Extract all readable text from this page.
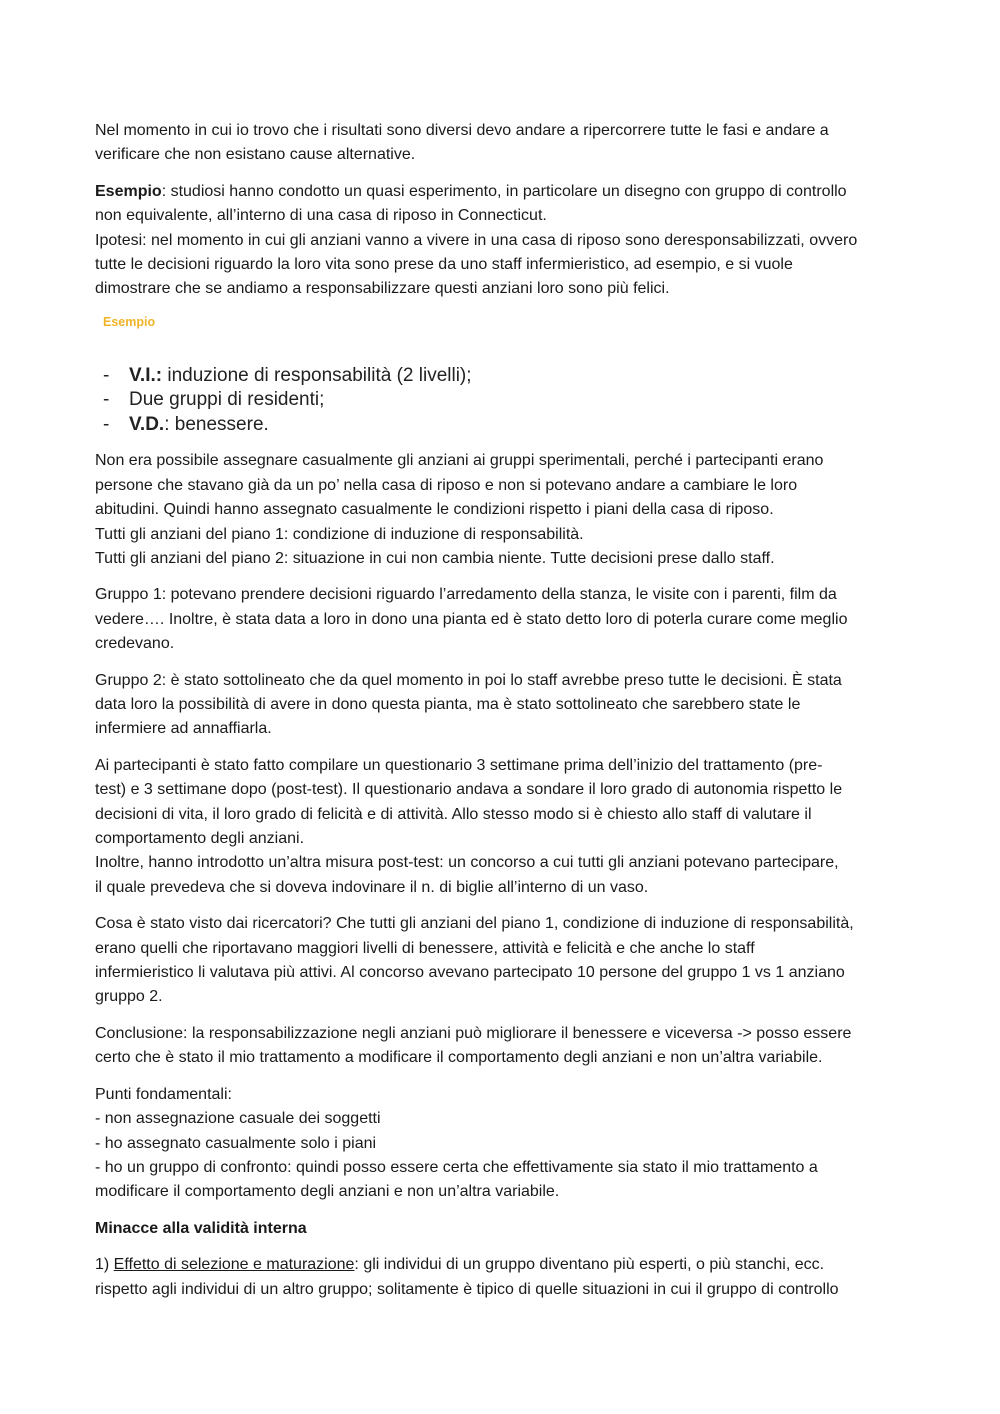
Nel momento in cui io trovo che i risultati sono diversi devo andare a ripercorrere tutte le fasi e andare a
verificare che non esistano cause alternative.

Esempio: studiosi hanno condotto un quasi esperimento, in particolare un disegno con gruppo di controllo
non equivalente, all’interno di una casa di riposo in Connecticut.
Ipotesi: nel momento in cui gli anziani vanno a vivere in una casa di riposo sono deresponsabilizzati, ovvero
tutte le decisioni riguardo la loro vita sono prese da uno staff infermieristico, ad esempio, e si vuole
dimostrare che se andiamo a responsabilizzare questi anziani loro sono più felici.

Esempio
- V.I.: induzione di responsabilità (2 livelli);
- Due gruppi di residenti;
- V.D.: benessere.

Non era possibile assegnare casualmente gli anziani ai gruppi sperimentali, perché i partecipanti erano
persone che stavano già da un po’ nella casa di riposo e non si potevano andare a cambiare le loro
abitudini. Quindi hanno assegnato casualmente le condizioni rispetto i piani della casa di riposo.
Tutti gli anziani del piano 1: condizione di induzione di responsabilità.
Tutti gli anziani del piano 2: situazione in cui non cambia niente. Tutte decisioni prese dallo staff.

Gruppo 1: potevano prendere decisioni riguardo l’arredamento della stanza, le visite con i parenti, film da
vedere…. Inoltre, è stata data a loro in dono una pianta ed è stato detto loro di poterla curare come meglio
credevano.

Gruppo 2: è stato sottolineato che da quel momento in poi lo staff avrebbe preso tutte le decisioni. È stata
data loro la possibilità di avere in dono questa pianta, ma è stato sottolineato che sarebbero state le
infermiere ad annaffiarla.

Ai partecipanti è stato fatto compilare un questionario 3 settimane prima dell’inizio del trattamento (pre-
test) e 3 settimane dopo (post-test). Il questionario andava a sondare il loro grado di autonomia rispetto le
decisioni di vita, il loro grado di felicità e di attività. Allo stesso modo si è chiesto allo staff di valutare il
comportamento degli anziani.
Inoltre, hanno introdotto un’altra misura post-test: un concorso a cui tutti gli anziani potevano partecipare,
il quale prevedeva che si doveva indovinare il n. di biglie all’interno di un vaso.

Cosa è stato visto dai ricercatori? Che tutti gli anziani del piano 1, condizione di induzione di responsabilità,
erano quelli che riportavano maggiori livelli di benessere, attività e felicità e che anche lo staff
infermieristico li valutava più attivi. Al concorso avevano partecipato 10 persone del gruppo 1 vs 1 anziano
gruppo 2.

Conclusione: la responsabilizzazione negli anziani può migliorare il benessere e viceversa -> posso essere
certo che è stato il mio trattamento a modificare il comportamento degli anziani e non un’altra variabile.

Punti fondamentali:
- non assegnazione casuale dei soggetti
- ho assegnato casualmente solo i piani
- ho un gruppo di confronto: quindi posso essere certa che effettivamente sia stato il mio trattamento a
modificare il comportamento degli anziani e non un’altra variabile.

Minacce alla validità interna

1) Effetto di selezione e maturazione: gli individui di un gruppo diventano più esperti, o più stanchi, ecc.
rispetto agli individui di un altro gruppo; solitamente è tipico di quelle situazioni in cui il gruppo di controllo
